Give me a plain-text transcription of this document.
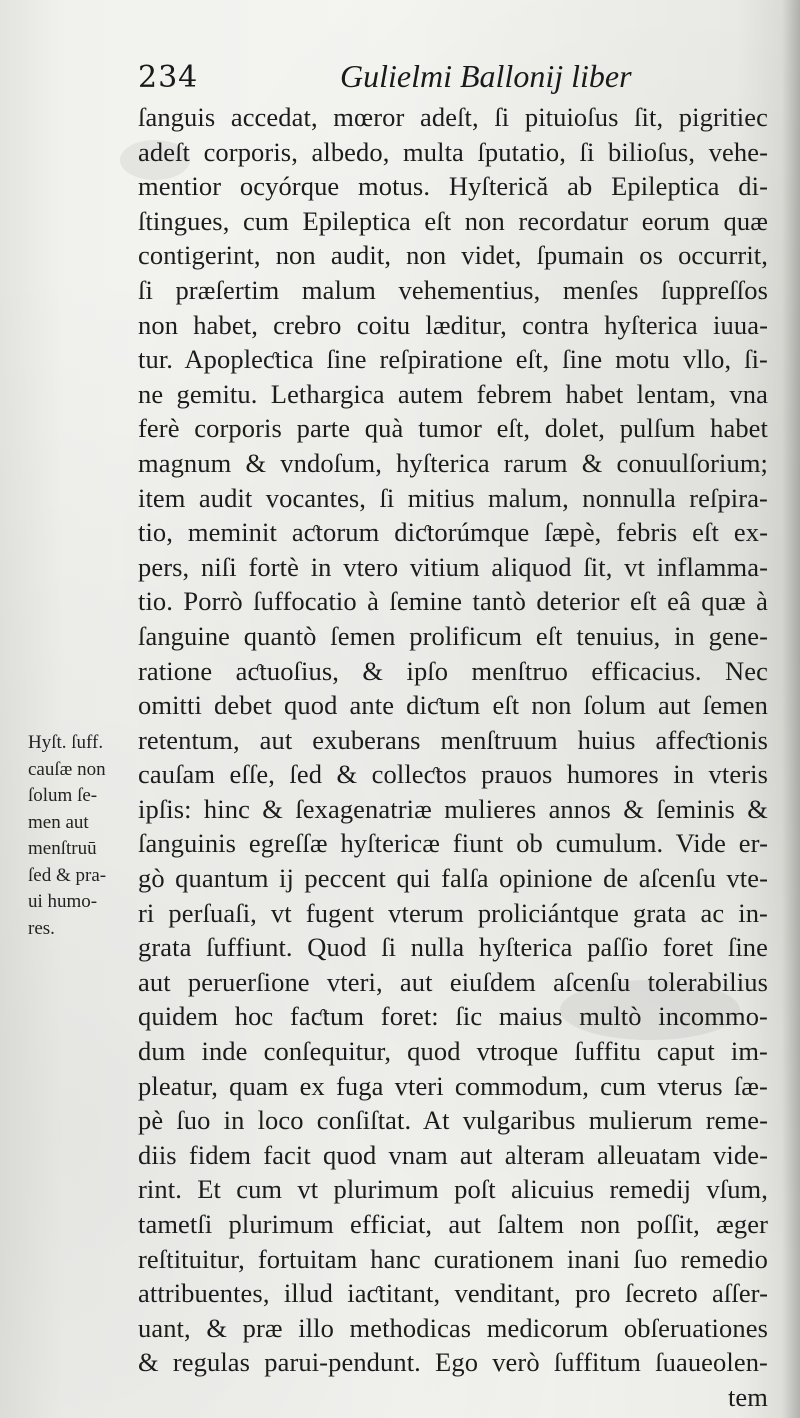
234	Gulielmi Ballonij liber
Hyſt. ſuff.
cauſæ non
ſolum ſe-
men aut
menſtruū
ſed & pra-
ui humo-
res.
ſanguis accedat, mœror adeſt, ſi pituioſus ſit, pigritiec
adeſt corporis, albedo, multa ſputatio, ſi bilioſus, vehe-
mentior ocyórque motus. Hyſterică ab Epileptica di-
ſtingues, cum Epileptica eſt non recordatur eorum quæ
contigerint, non audit, non videt, ſpumain os occurrit,
ſi præſertim malum vehementius, menſes ſuppreſſos
non habet, crebro coitu læditur, contra hyſterica iuua-
tur. Apopleƈtica ſine reſpiratione eſt, ſine motu vllo, ſi-
ne gemitu. Lethargica autem febrem habet lentam, vna
ferè corporis parte quà tumor eſt, dolet, pulſum habet
magnum & vndoſum, hyſterica rarum & conuulſorium;
item audit vocantes, ſi mitius malum, nonnulla reſpira-
tio, meminit aƈtorum diƈtorúmque ſæpè, febris eſt ex-
pers, niſi fortè in vtero vitium aliquod ſit, vt inflamma-
tio. Porrò ſuffocatio à ſemine tantò deterior eſt eâ quæ à
ſanguine quantò ſemen prolificum eſt tenuius, in gene-
ratione aƈtuoſius, & ipſo menſtruo efficacius. Nec
omitti debet quod ante diƈtum eſt non ſolum aut ſemen
retentum, aut exuberans menſtruum huius affeƈtionis
cauſam eſſe, ſed & colleƈtos prauos humores in vteris
ipſis: hinc & ſexagenatriæ mulieres annos & ſeminis &
ſanguinis egreſſæ hyſtericæ fiunt ob cumulum. Vide er-
gò quantum ij peccent qui falſa opinione de aſcenſu vte-
ri perſuaſi, vt fugent vterum proliciántque grata ac in-
grata ſuffiunt. Quod ſi nulla hyſterica paſſio foret ſine
aut peruerſione vteri, aut eiuſdem aſcenſu tolerabilius
quidem hoc faƈtum foret: ſic maius multò incommo-
dum inde conſequitur, quod vtroque ſuffitu caput im-
pleatur, quam ex fuga vteri commodum, cum vterus ſæ-
pè ſuo in loco conſiſtat. At vulgaribus mulierum reme-
diis fidem facit quod vnam aut alteram alleuatam vide-
rint. Et cum vt plurimum poſt alicuius remedij vſum,
tametſi plurimum efficiat, aut ſaltem non poſſit, æger
reſtituitur, fortuitam hanc curationem inani ſuo remedio
attribuentes, illud iaƈtitant, venditant, pro ſecreto aſſer-
uant, & præ illo methodicas medicorum obſeruationes
& regulas parui-pendunt. Ego verò ſuffitum ſuaueolen-
tem
